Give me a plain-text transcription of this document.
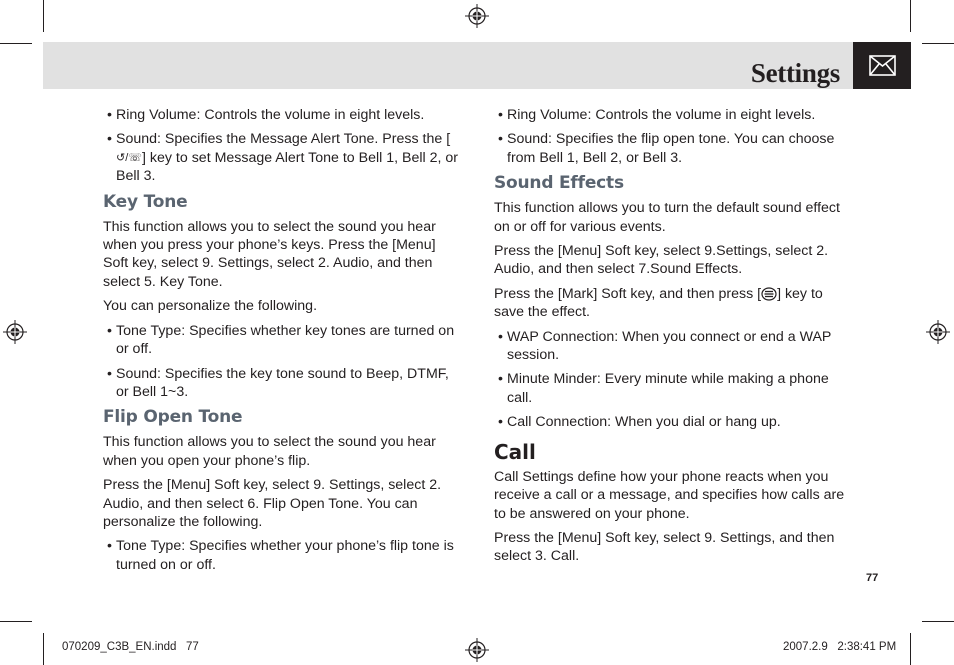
Settings
• Ring Volume: Controls the volume in eight levels.
• Sound: Specifies the Message Alert Tone. Press the [↺/☏] key to set Message Alert Tone to Bell 1, Bell 2, or Bell 3.
Key Tone
This function allows you to select the sound you hear when you press your phone’s keys. Press the [Menu] Soft key, select 9. Settings, select 2. Audio, and then select 5. Key Tone.
You can personalize the following.
• Tone Type: Specifies whether key tones are turned on or off.
• Sound: Specifies the key tone sound to Beep, DTMF, or Bell 1~3.
Flip Open Tone
This function allows you to select the sound you hear when you open your phone’s flip.
Press the [Menu] Soft key, select 9. Settings, select 2. Audio, and then select 6. Flip Open Tone. You can personalize the following.
• Tone Type: Specifies whether your phone’s flip tone is turned on or off.
• Ring Volume: Controls the volume in eight levels.
• Sound: Specifies the flip open tone. You can choose from Bell 1, Bell 2, or Bell 3.
Sound Effects
This function allows you to turn the default sound effect on or off for various events.
Press the [Menu] Soft key, select 9.Settings, select 2. Audio, and then select 7.Sound Effects.
Press the [Mark] Soft key, and then press [ ] key to save the effect.
• WAP Connection: When you connect or end a WAP session.
• Minute Minder: Every minute while making a phone call.
• Call Connection: When you dial or hang up.
Call
Call Settings define how your phone reacts when you receive a call or a message, and specifies how calls are to be answered on your phone.
Press the [Menu] Soft key, select 9. Settings, and then select 3. Call.
77
070209_C3B_EN.indd   77	2007.2.9   2:38:41 PM
